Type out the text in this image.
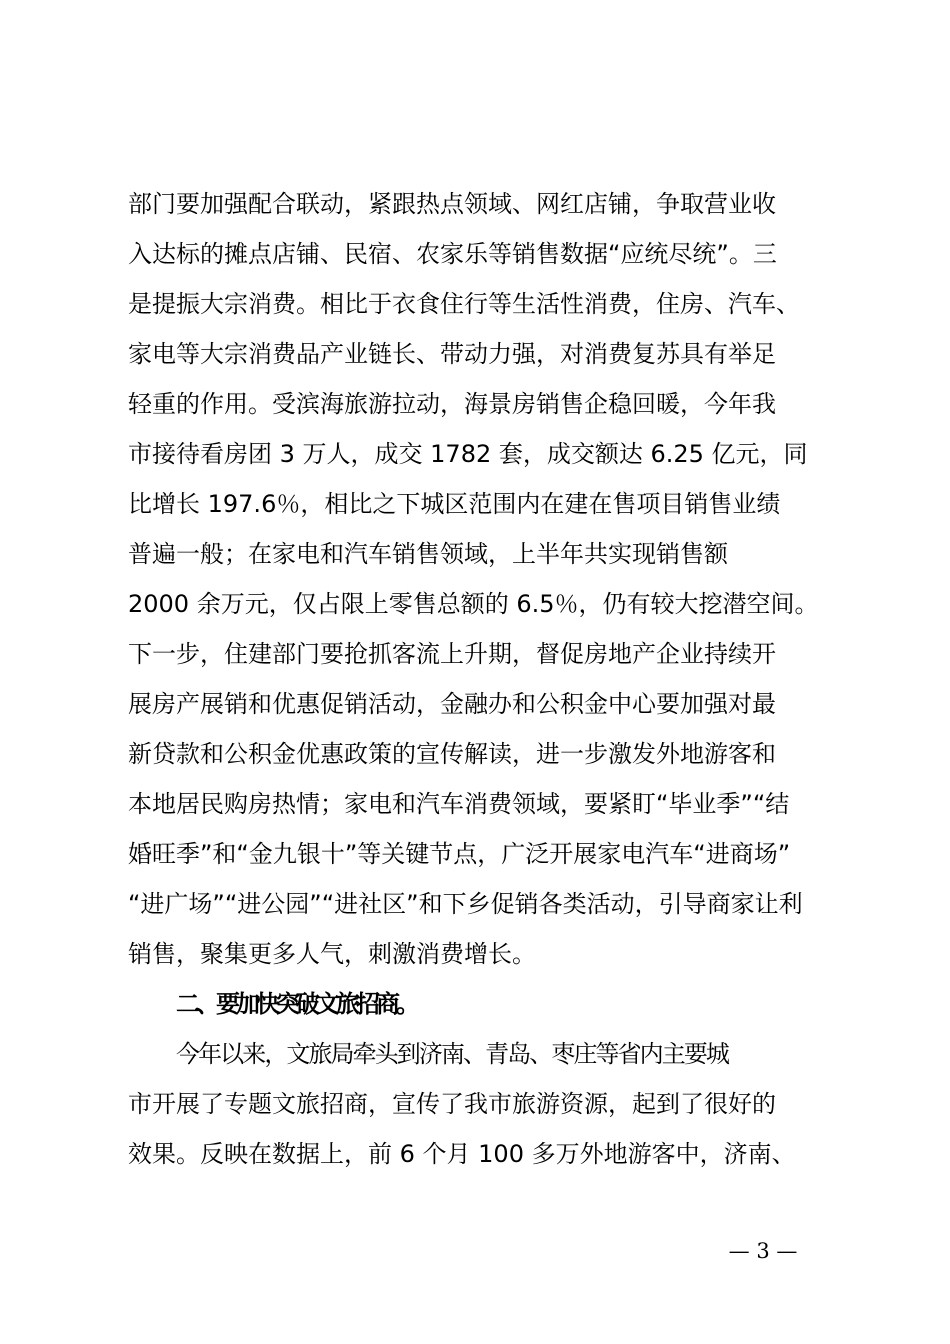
部门要加强配合联动，紧跟热点领域、网红店铺，争取营业收
入达标的摊点店铺、民宿、农家乐等销售数据“应统尽统”。三
是提振大宗消费。相比于衣食住行等生活性消费，住房、汽车、
家电等大宗消费品产业链长、带动力强，对消费复苏具有举足
轻重的作用。受滨海旅游拉动，海景房销售企稳回暖，今年我
市接待看房团 3 万人，成交 1782 套，成交额达 6.25 亿元，同
比增长 197.6％，相比之下城区范围内在建在售项目销售业绩
普遍一般；在家电和汽车销售领域，上半年共实现销售额
2000 余万元，仅占限上零售总额的 6.5％，仍有较大挖潜空间。
下一步，住建部门要抢抓客流上升期，督促房地产企业持续开
展房产展销和优惠促销活动，金融办和公积金中心要加强对最
新贷款和公积金优惠政策的宣传解读，进一步激发外地游客和
本地居民购房热情；家电和汽车消费领域，要紧盯“毕业季”“结
婚旺季”和“金九银十”等关键节点，广泛开展家电汽车“进商场”
“进广场”“进公园”“进社区”和下乡促销各类活动，引导商家让利
销售，聚集更多人气，刺激消费增长。
二、要加快突破文旅招商。
今年以来，文旅局牵头到济南、青岛、枣庄等省内主要城
市开展了专题文旅招商，宣传了我市旅游资源，起到了很好的
效果。反映在数据上，前 6 个月 100 多万外地游客中，济南、
— 3 —
